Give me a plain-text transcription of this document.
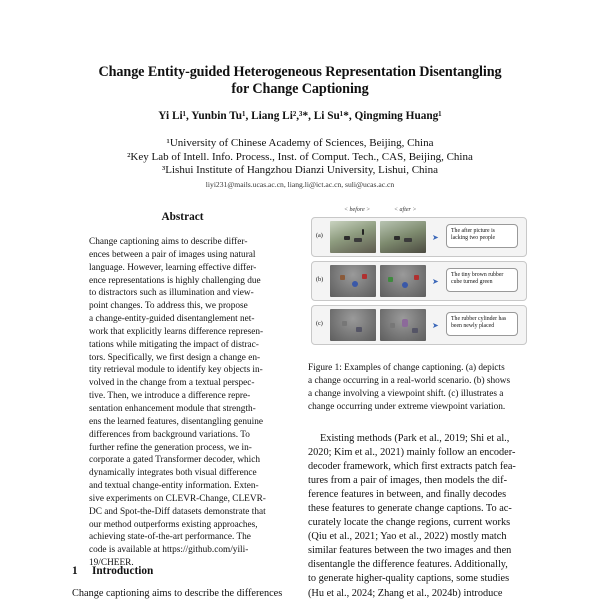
Change Entity-guided Heterogeneous Representation Disentangling
for Change Captioning
Yi Li¹, Yunbin Tu¹, Liang Li²,³*, Li Su¹*, Qingming Huang¹
¹University of Chinese Academy of Sciences, Beijing, China
²Key Lab of Intell. Info. Process., Inst. of Comput. Tech., CAS, Beijing, China
³Lishui Institute of Hangzhou Dianzi University, Lishui, China
liyi231@mails.ucas.ac.cn, liang.li@ict.ac.cn, suli@ucas.ac.cn
Abstract
Change captioning aims to describe differ-
ences between a pair of images using natural
language. However, learning effective differ-
ence representations is highly challenging due
to distractors such as illumination and view-
point changes. To address this, we propose
a change-entity-guided disentanglement net-
work that explicitly learns difference represen-
tations while mitigating the impact of distrac-
tors. Specifically, we first design a change en-
tity retrieval module to identify key objects in-
volved in the change from a textual perspec-
tive. Then, we introduce a difference repre-
sentation enhancement module that strength-
ens the learned features, disentangling genuine
differences from background variations. To
further refine the generation process, we in-
corporate a gated Transformer decoder, which
dynamically integrates both visual difference
and textual change-entity information. Exten-
sive experiments on CLEVR-Change, CLEVR-
DC and Spot-the-Diff datasets demonstrate that
our method outperforms existing approaches,
achieving state-of-the-art performance. The
code is available at https://github.com/yili-
19/CHEER.
1 Introduction
Change captioning aims to describe the differences
< before >	< after >
(a)	➤
The after picture is lacking two people
(b)	➤
The tiny brown rubber cube turned green
(c)	➤
The rubber cylinder has been newly placed
Figure 1: Examples of change captioning. (a) depicts
a change occurring in a real-world scenario. (b) shows
a change involving a viewpoint shift. (c) illustrates a
change occurring under extreme viewpoint variation.
Existing methods (Park et al., 2019; Shi et al.,
2020; Kim et al., 2021) mainly follow an encoder-
decoder framework, which first extracts patch fea-
tures from a pair of images, then models the dif-
ference features in between, and finally decodes
these features to generate change captions. To ac-
curately locate the change regions, current works
(Qiu et al., 2021; Yao et al., 2022) mostly match
similar features between the two images and then
disentangle the difference features. Additionally,
to generate higher-quality captions, some studies
(Hu et al., 2024; Zhang et al., 2024b) introduce
